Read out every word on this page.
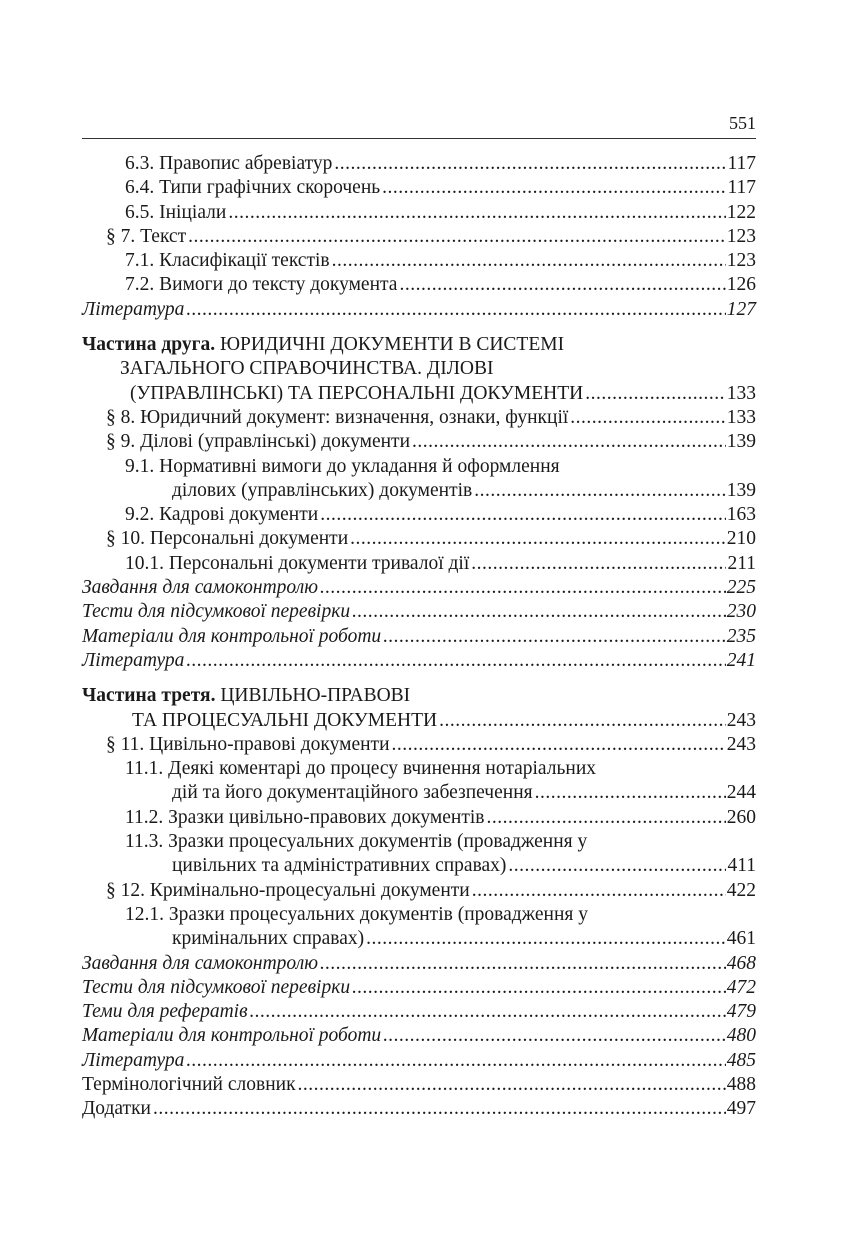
551
6.3. Правопис абревіатур .....	117
6.4. Типи графічних скорочень .....	117
6.5. Ініціали .....	122
§ 7. Текст .....	123
7.1. Класифікації текстів .....	123
7.2. Вимоги до тексту документа .....	126
Література .....	127
Частина друга. ЮРИДИЧНІ ДОКУМЕНТИ В СИСТЕМІ
ЗАГАЛЬНОГО СПРАВОЧИНСТВА. ДІЛОВІ
(УПРАВЛІНСЬКІ) ТА ПЕРСОНАЛЬНІ ДОКУМЕНТИ .....	133
§ 8. Юридичний документ: визначення, ознаки, функції .....	133
§ 9. Ділові (управлінські) документи .....	139
9.1. Нормативні вимоги до укладання й оформлення
ділових (управлінських) документів .....	139
9.2. Кадрові документи .....	163
§ 10. Персональні документи .....	210
10.1. Персональні документи тривалої дії .....	211
Завдання для самоконтролю .....	225
Тести для підсумкової перевірки .....	230
Матеріали для контрольної роботи .....	235
Література .....	241
Частина третя. ЦИВІЛЬНО-ПРАВОВІ
ТА ПРОЦЕСУАЛЬНІ ДОКУМЕНТИ .....	243
§ 11. Цивільно-правові документи .....	243
11.1. Деякі коментарі до процесу вчинення нотаріальних
дій та його документаційного забезпечення .....	244
11.2. Зразки цивільно-правових документів .....	260
11.3. Зразки процесуальних документів (провадження у
цивільних та адміністративних справах) .....	411
§ 12. Кримінально-процесуальні документи .....	422
12.1. Зразки процесуальних документів (провадження у
кримінальних справах) .....	461
Завдання для самоконтролю .....	468
Тести для підсумкової перевірки .....	472
Теми для рефератів .....	479
Матеріали для контрольної роботи .....	480
Література .....	485
Термінологічний словник .....	488
Додатки .....	497
